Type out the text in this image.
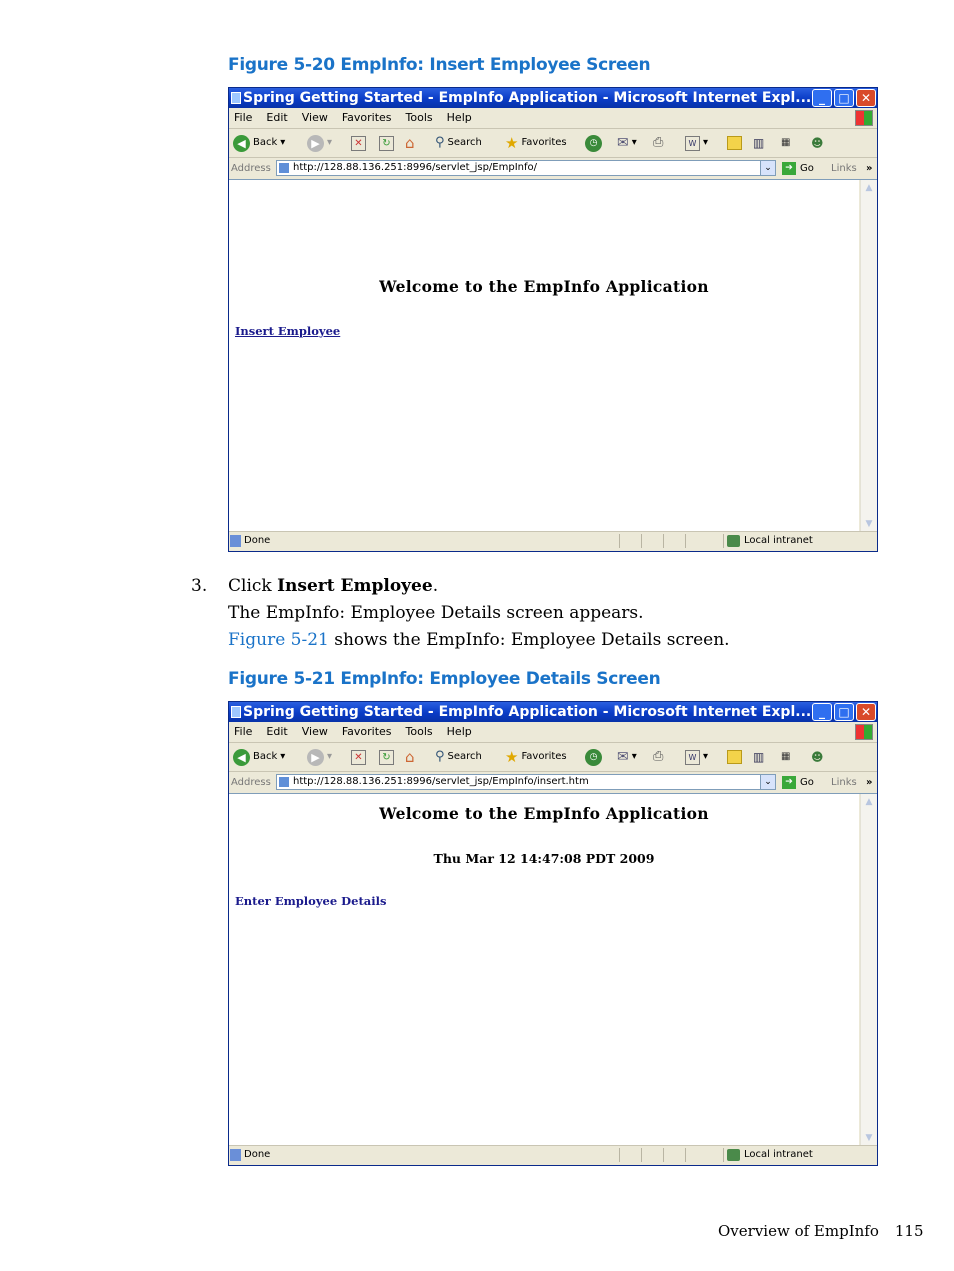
Figure 5-20 EmpInfo: Insert Employee Screen
Spring Getting Started - EmpInfo Application - Microsoft Internet Expl... _	□ ✕
File Edit View Favorites Tools Help
◀ Back ▾	▶ ▾	✕	↻ ⌂ ⚲ Search ★ Favorites	◷	✉ ▾ ⎙	W ▾	▥ ▦ ☻
Address	http://128.88.136.251:8996/servlet_jsp/EmpInfo/	⌄	➔ Go Links »
Welcome to the EmpInfo Application
Insert Employee
▲
▼
Done	Local intranet
3. Click Insert Employee.
The EmpInfo: Employee Details screen appears.
Figure 5-21 shows the EmpInfo: Employee Details screen.
Figure 5-21 EmpInfo: Employee Details Screen
Spring Getting Started - EmpInfo Application - Microsoft Internet Expl... _	□ ✕
File Edit View Favorites Tools Help
◀ Back ▾	▶ ▾	✕	↻ ⌂ ⚲ Search ★ Favorites	◷	✉ ▾ ⎙	W ▾	▥ ▦ ☻
Address	http://128.88.136.251:8996/servlet_jsp/EmpInfo/insert.htm	⌄	➔ Go Links »
Welcome to the EmpInfo Application
Thu Mar 12 14:47:08 PDT 2009
Enter Employee Details
▲
▼
Done	Local intranet
Overview of EmpInfo 115
